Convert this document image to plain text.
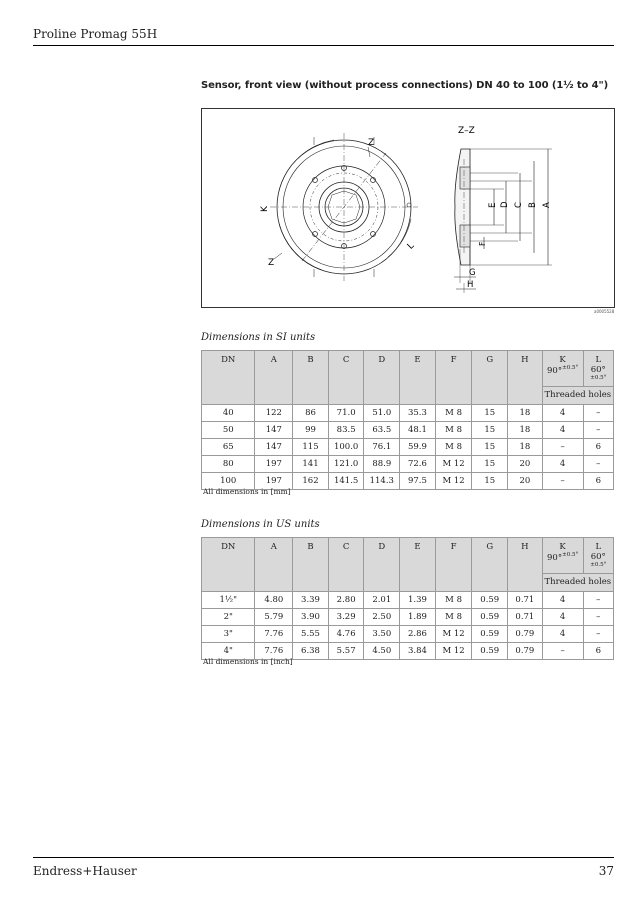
Proline Promag 55H
Sensor, front view (without process connections) DN 40 to 100 (1½ to 4")
Z
Z
K
L
Z–Z
A
B
C
D
E
F
G
H
a0005528
Dimensions in SI units
DN	A	B	C	D	E	F	G	H	K
90°$^{\pm 0.5^\circ}$	L
60°$^{\pm 0.5^\circ}$
									Threaded holes	
40	122	86	71.0	51.0	35.3	M 8	15	18	4	–
50	147	99	83.5	63.5	48.1	M 8	15	18	4	–
65	147	115	100.0	76.1	59.9	M 8	15	18	–	6
80	197	141	121.0	88.9	72.6	M 12	15	20	4	–
100	197	162	141.5	114.3	97.5	M 12	15	20	–	6
All dimensions in [mm]
Dimensions in US units
DN	A	B	C	D	E	F	G	H	K
90°$^{\pm 0.5^\circ}$	L
60°$^{\pm 0.5^\circ}$
									Threaded holes	
1½"	4.80	3.39	2.80	2.01	1.39	M 8	0.59	0.71	4	–
2"	5.79	3.90	3.29	2.50	1.89	M 8	0.59	0.71	4	–
3"	7.76	5.55	4.76	3.50	2.86	M 12	0.59	0.79	4	–
4"	7.76	6.38	5.57	4.50	3.84	M 12	0.59	0.79	–	6
All dimensions in [inch]
Endress+Hauser	37
